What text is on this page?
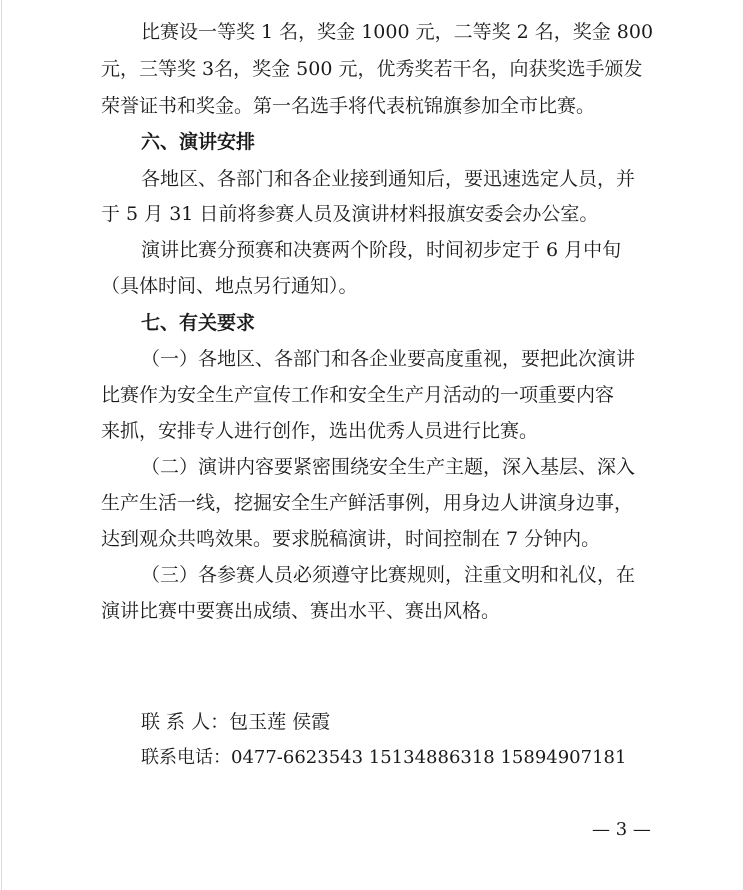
比赛设一等奖 1 名，奖金 1000 元，二等奖 2 名，奖金 800
元，三等奖 3名，奖金 500 元，优秀奖若干名，向获奖选手颁发
荣誉证书和奖金。第一名选手将代表杭锦旗参加全市比赛。
六、演讲安排
各地区、各部门和各企业接到通知后，要迅速选定人员，并
于 5 月 31 日前将参赛人员及演讲材料报旗安委会办公室。
演讲比赛分预赛和决赛两个阶段，时间初步定于 6 月中旬
（具体时间、地点另行通知）。
七、有关要求
（一）各地区、各部门和各企业要高度重视，要把此次演讲
比赛作为安全生产宣传工作和安全生产月活动的一项重要内容
来抓，安排专人进行创作，选出优秀人员进行比赛。
（二）演讲内容要紧密围绕安全生产主题，深入基层、深入
生产生活一线，挖掘安全生产鲜活事例，用身边人讲演身边事，
达到观众共鸣效果。要求脱稿演讲，时间控制在 7 分钟内。
（三）各参赛人员必须遵守比赛规则，注重文明和礼仪，在
演讲比赛中要赛出成绩、赛出水平、赛出风格。
联 系 人：包玉莲 侯霞
联系电话：0477-6623543 15134886318 15894907181
— 3 —
